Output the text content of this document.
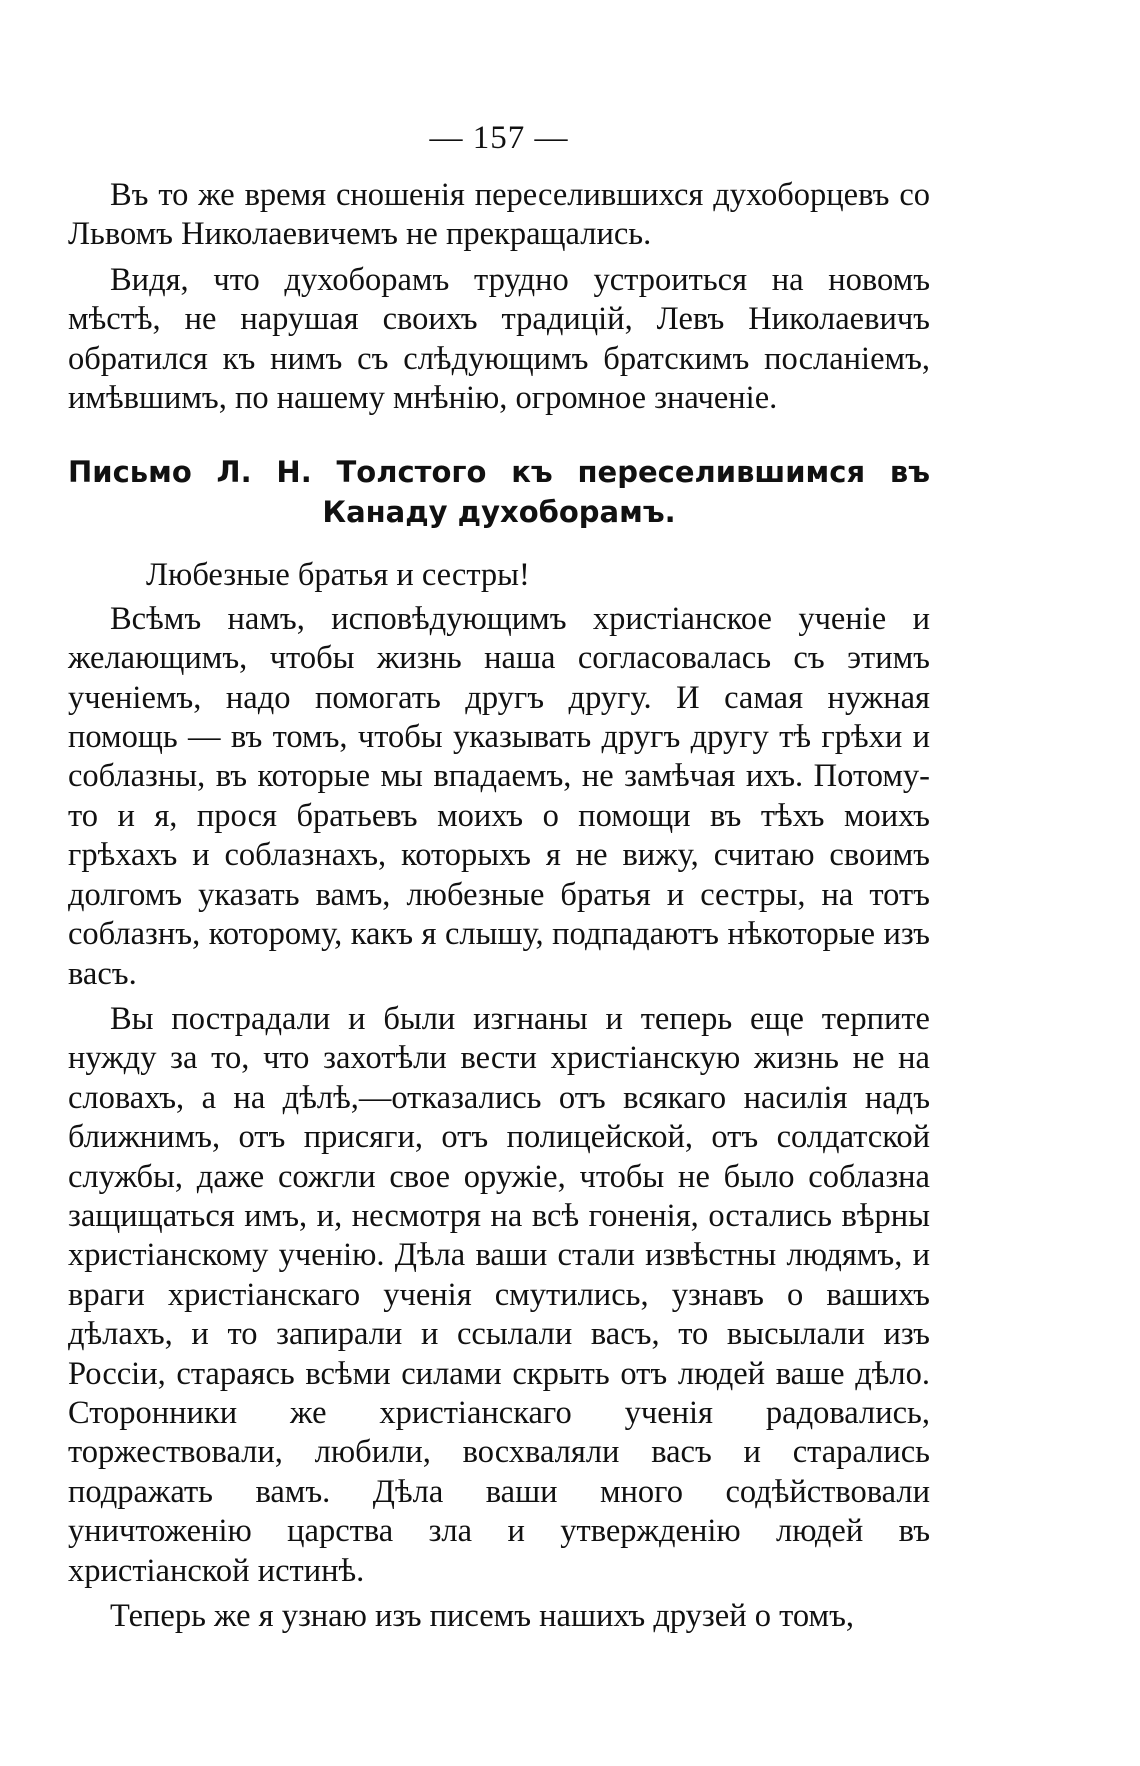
— 157 —

Въ то же время сношенія переселившихся духоборцевъ со Львомъ Николаевичемъ не прекращались.

Видя, что духоборамъ трудно устроиться на новомъ мѣстѣ, не нарушая своихъ традицій, Левъ Николаевичъ обратился къ нимъ съ слѣдующимъ братскимъ посланіемъ, имѣвшимъ, по нашему мнѣнію, огромное значеніе.

Письмо Л. Н. Толстого къ переселившимся въ Канаду духоборамъ.
Любезные братья и сестры!

Всѣмъ намъ, исповѣдующимъ христіанское ученіе и желающимъ, чтобы жизнь наша согласовалась съ этимъ ученіемъ, надо помогать другъ другу. И самая нужная помощь — въ томъ, чтобы указывать другъ другу тѣ грѣхи и соблазны, въ которые мы впадаемъ, не замѣчая ихъ. Потому-то и я, прося братьевъ моихъ о помощи въ тѣхъ моихъ грѣхахъ и соблазнахъ, которыхъ я не вижу, считаю своимъ долгомъ указать вамъ, любезные братья и сестры, на тотъ соблазнъ, которому, какъ я слышу, подпадаютъ нѣкоторые изъ васъ.

Вы пострадали и были изгнаны и теперь еще терпите нужду за то, что захотѣли вести христіанскую жизнь не на словахъ, а на дѣлѣ,—отказались отъ всякаго насилія надъ ближнимъ, отъ присяги, отъ полицейской, отъ солдатской службы, даже сожгли свое оружіе, чтобы не было соблазна защищаться имъ, и, несмотря на всѣ гоненія, остались вѣрны христіанскому ученію. Дѣла ваши стали извѣстны людямъ, и враги христіанскаго ученія смутились, узнавъ о вашихъ дѣлахъ, и то запирали и ссылали васъ, то высылали изъ Россіи, стараясь всѣми силами скрыть отъ людей ваше дѣло. Сторонники же христіанскаго ученія радовались, торжествовали, любили, восхваляли васъ и старались подражать вамъ. Дѣла ваши много содѣйствовали уничтоженію царства зла и утвержденію людей въ христіанской истинѣ.

Теперь же я узнаю изъ писемъ нашихъ друзей о томъ,
